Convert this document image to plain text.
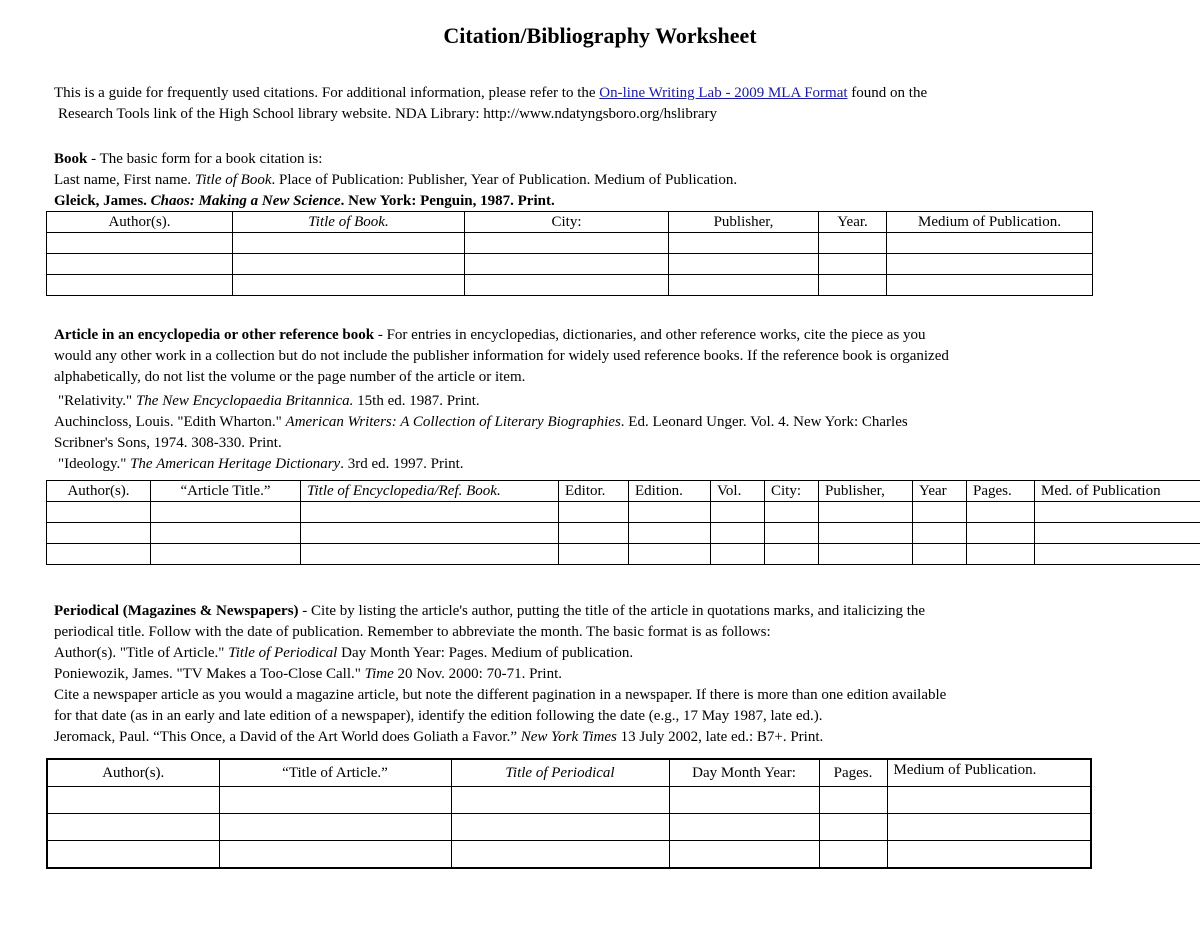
Citation/Bibliography Worksheet
This is a guide for frequently used citations. For additional information, please refer to the On-line Writing Lab - 2009 MLA Format found on the
Research Tools link of the High School library website. NDA Library: http://www.ndatyngsboro.org/hslibrary
Book - The basic form for a book citation is:
Last name, First name. Title of Book. Place of Publication: Publisher, Year of Publication. Medium of Publication.
Gleick, James. Chaos: Making a New Science. New York: Penguin, 1987. Print.
Author(s).	Title of Book.	City:	Publisher,	Year.	Medium of Publication.

Article in an encyclopedia or other reference book - For entries in encyclopedias, dictionaries, and other reference works, cite the piece as you
would any other work in a collection but do not include the publisher information for widely used reference books. If the reference book is organized
alphabetically, do not list the volume or the page number of the article or item.
"Relativity." The New Encyclopaedia Britannica. 15th ed. 1987. Print.
Auchincloss, Louis. "Edith Wharton." American Writers: A Collection of Literary Biographies. Ed. Leonard Unger. Vol. 4. New York: Charles
Scribner's Sons, 1974. 308-330. Print.
"Ideology." The American Heritage Dictionary. 3rd ed. 1997. Print.
Author(s).	“Article Title.”	Title of Encyclopedia/Ref. Book.	Editor.	Edition.	Vol.	City:	Publisher,	Year	Pages.	Med. of Publication

Periodical (Magazines & Newspapers) - Cite by listing the article's author, putting the title of the article in quotations marks, and italicizing the
periodical title. Follow with the date of publication. Remember to abbreviate the month. The basic format is as follows:
Author(s). "Title of Article." Title of Periodical Day Month Year: Pages. Medium of publication.
Poniewozik, James. "TV Makes a Too-Close Call." Time 20 Nov. 2000: 70-71. Print.
Cite a newspaper article as you would a magazine article, but note the different pagination in a newspaper. If there is more than one edition available
for that date (as in an early and late edition of a newspaper), identify the edition following the date (e.g., 17 May 1987, late ed.).
Jeromack, Paul. “This Once, a David of the Art World does Goliath a Favor.” New York Times 13 July 2002, late ed.: B7+. Print.
Author(s).	“Title of Article.”	Title of Periodical	Day Month Year:	Pages.	Medium of Publication.
